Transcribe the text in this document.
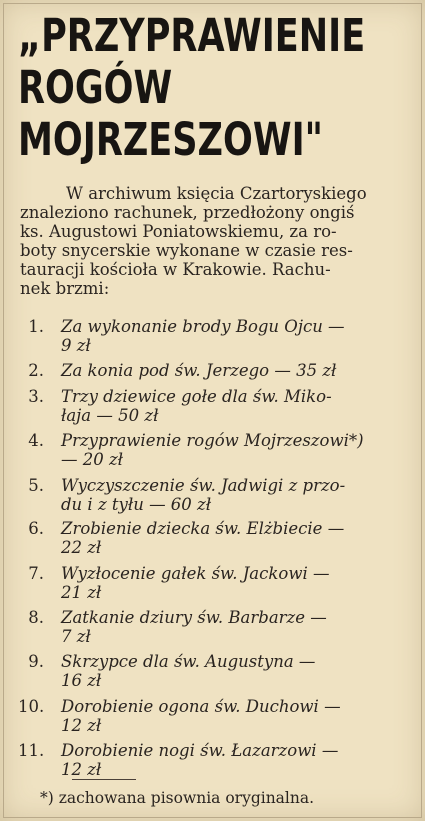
„PRZYPRAWIENIE
ROGÓW
MOJRZESZOWI"
W archiwum księcia Czartoryskiego
znaleziono rachunek, przedłożony ongiś
ks. Augustowi Poniatowskiemu, za ro-
boty snycerskie wykonane w czasie res-
tauracji kościoła w Krakowie. Rachu-
nek brzmi:
1. Za wykonanie brody Bogu Ojcu —
9 zł
2. Za konia pod św. Jerzego — 35 zł
3. Trzy dziewice gołe dla św. Miko-
łaja — 50 zł
4. Przyprawienie rogów Mojrzeszowi*)
— 20 zł
5. Wyczyszczenie św. Jadwigi z przo-
du i z tyłu — 60 zł
6. Zrobienie dziecka św. Elżbiecie —
22 zł
7. Wyzłocenie gałek św. Jackowi —
21 zł
8. Zatkanie dziury św. Barbarze —
7 zł
9. Skrzypce dla św. Augustyna —
16 zł
10. Dorobienie ogona św. Duchowi —
12 zł
11. Dorobienie nogi św. Łazarzowi —
12 zł
*) zachowana pisownia oryginalna.
